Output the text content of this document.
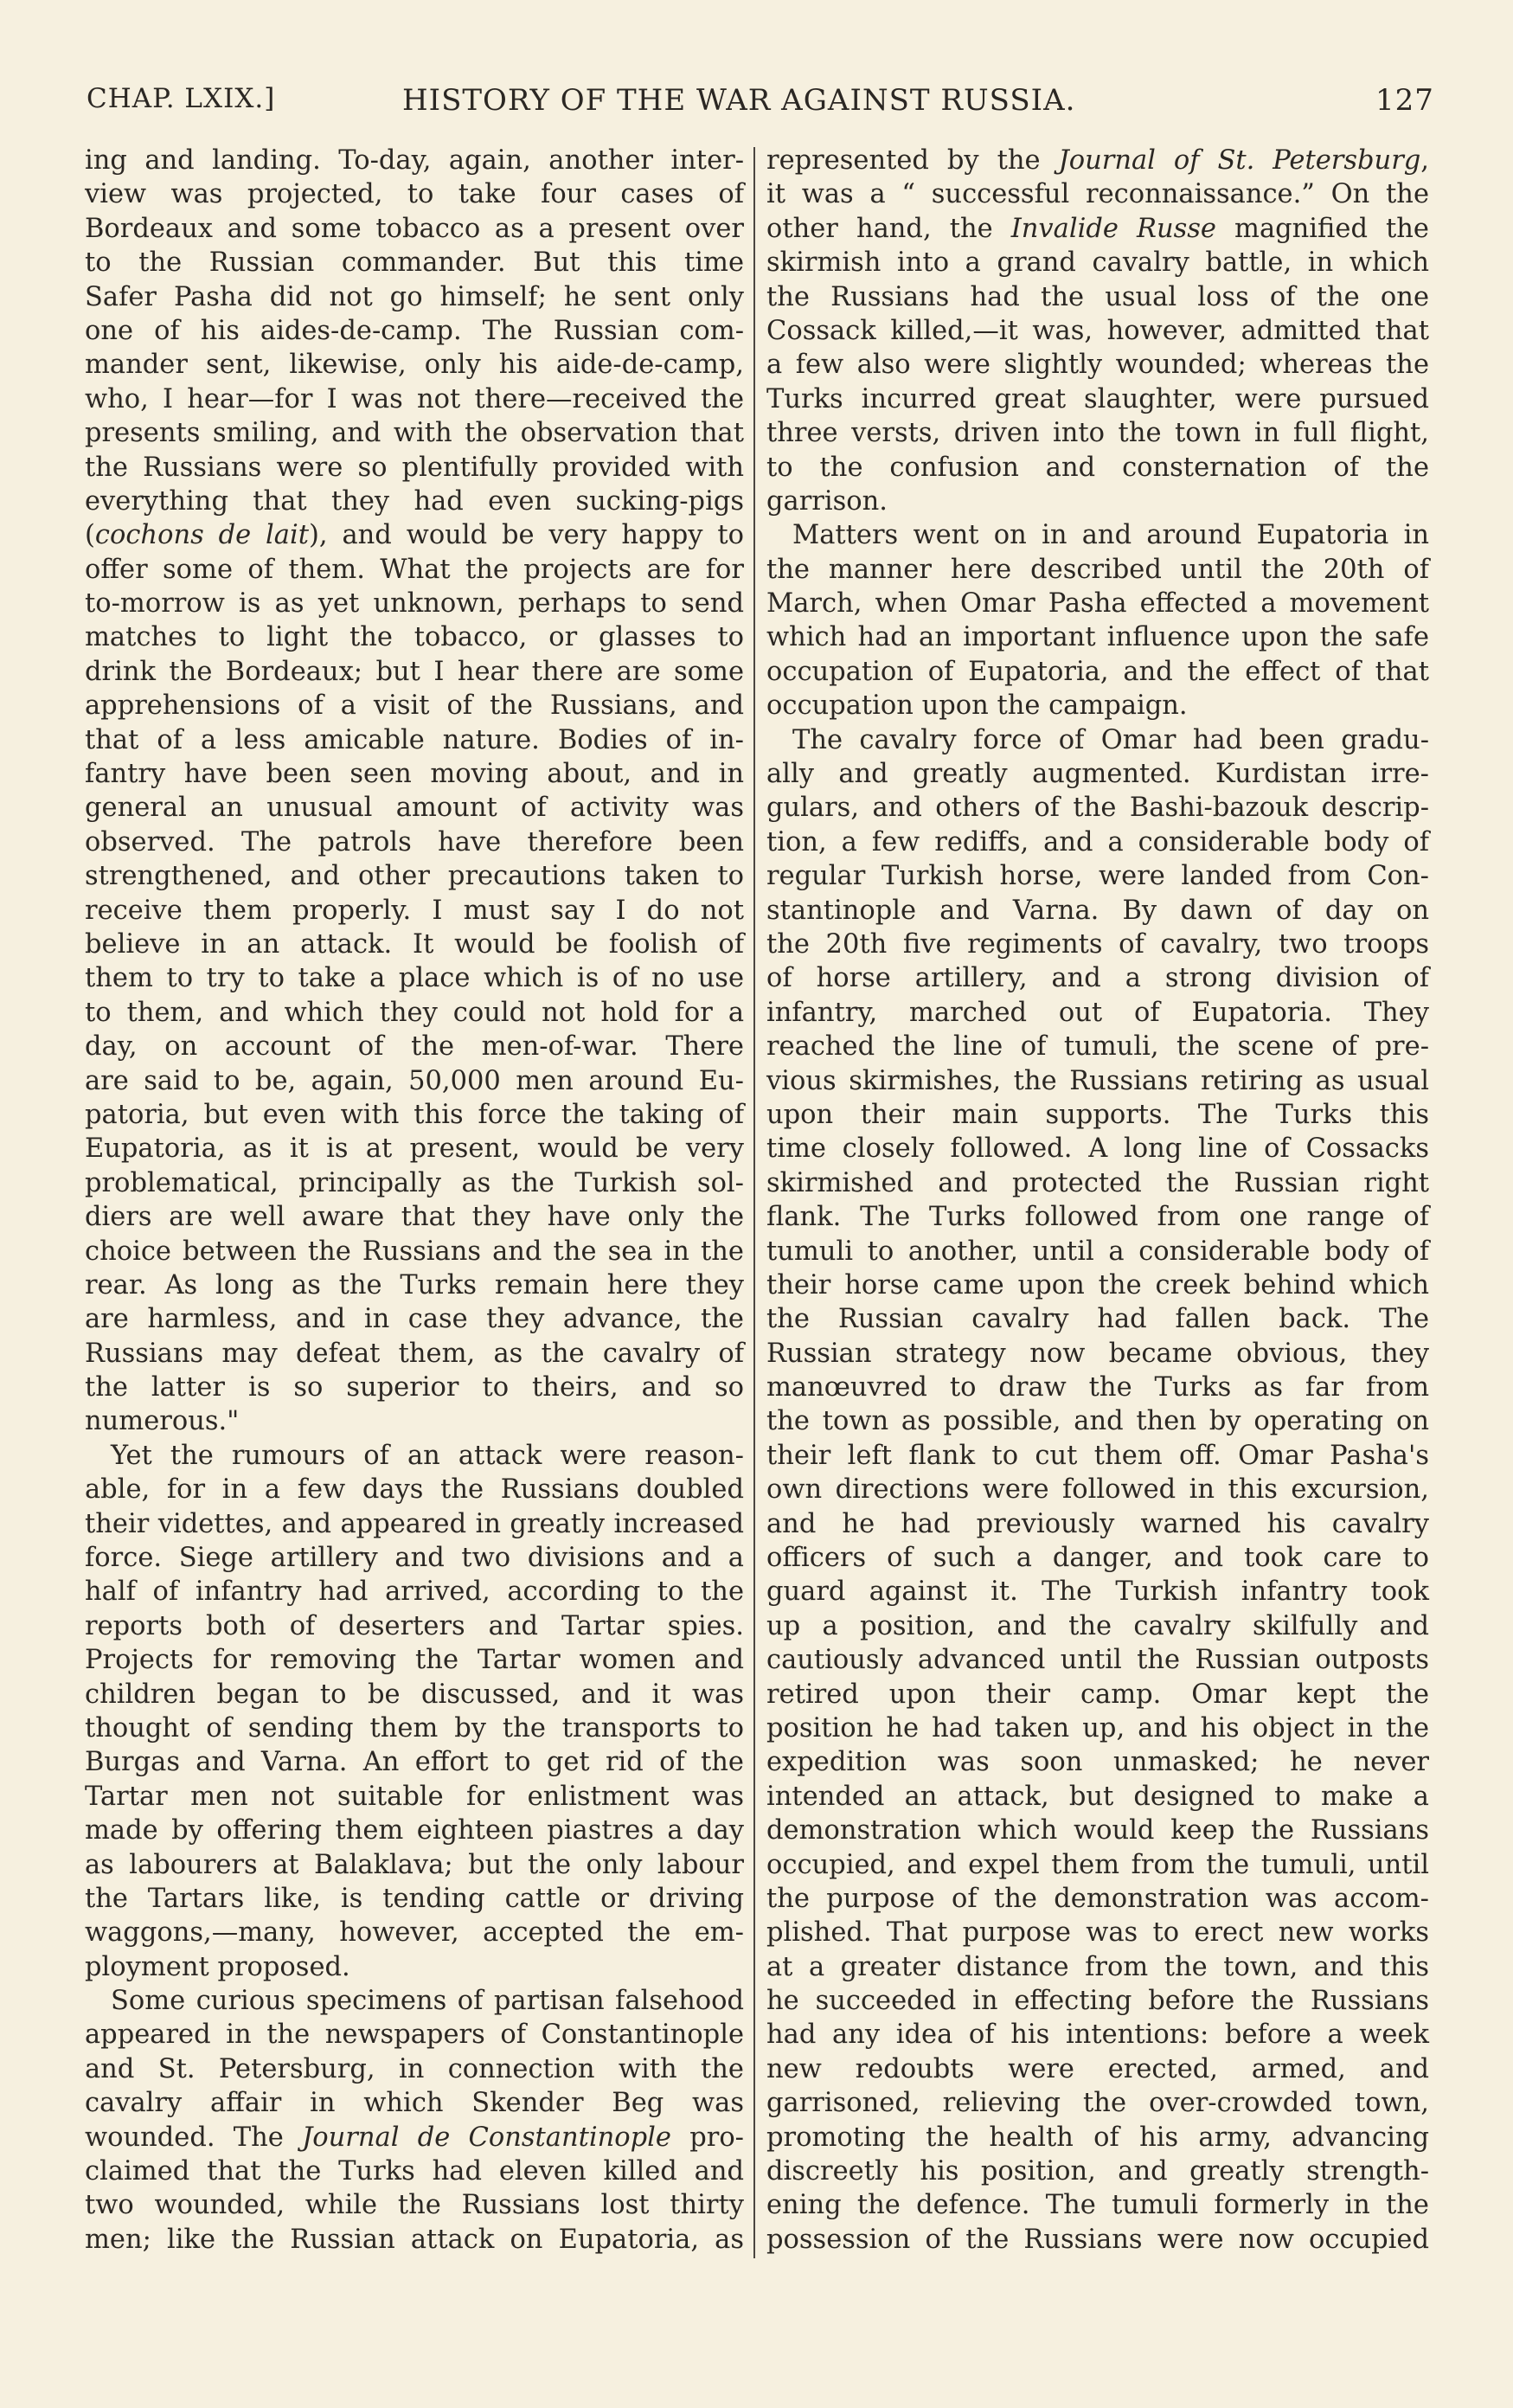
CHAP. LXIX.]	HISTORY OF THE WAR AGAINST RUSSIA.	127
ing and landing. To-day, again, another inter-
view was projected, to take four cases of
Bordeaux and some tobacco as a present over
to the Russian commander. But this time
Safer Pasha did not go himself; he sent only
one of his aides-de-camp. The Russian com-
mander sent, likewise, only his aide-de-camp,
who, I hear—for I was not there—received the
presents smiling, and with the observation that
the Russians were so plentifully provided with
everything that they had even sucking-pigs
(cochons de lait), and would be very happy to
offer some of them. What the projects are for
to-morrow is as yet unknown, perhaps to send
matches to light the tobacco, or glasses to
drink the Bordeaux; but I hear there are some
apprehensions of a visit of the Russians, and
that of a less amicable nature. Bodies of in-
fantry have been seen moving about, and in
general an unusual amount of activity was
observed. The patrols have therefore been
strengthened, and other precautions taken to
receive them properly. I must say I do not
believe in an attack. It would be foolish of
them to try to take a place which is of no use
to them, and which they could not hold for a
day, on account of the men-of-war. There
are said to be, again, 50,000 men around Eu-
patoria, but even with this force the taking of
Eupatoria, as it is at present, would be very
problematical, principally as the Turkish sol-
diers are well aware that they have only the
choice between the Russians and the sea in the
rear. As long as the Turks remain here they
are harmless, and in case they advance, the
Russians may defeat them, as the cavalry of
the latter is so superior to theirs, and so
numerous."
Yet the rumours of an attack were reason-
able, for in a few days the Russians doubled
their videttes, and appeared in greatly increased
force. Siege artillery and two divisions and a
half of infantry had arrived, according to the
reports both of deserters and Tartar spies.
Projects for removing the Tartar women and
children began to be discussed, and it was
thought of sending them by the transports to
Burgas and Varna. An effort to get rid of the
Tartar men not suitable for enlistment was
made by offering them eighteen piastres a day
as labourers at Balaklava; but the only labour
the Tartars like, is tending cattle or driving
waggons,—many, however, accepted the em-
ployment proposed.
Some curious specimens of partisan falsehood
appeared in the newspapers of Constantinople
and St. Petersburg, in connection with the
cavalry affair in which Skender Beg was
wounded. The Journal de Constantinople pro-
claimed that the Turks had eleven killed and
two wounded, while the Russians lost thirty
men; like the Russian attack on Eupatoria, as
represented by the Journal of St. Petersburg,
it was a “ successful reconnaissance.” On the
other hand, the Invalide Russe magnified the
skirmish into a grand cavalry battle, in which
the Russians had the usual loss of the one
Cossack killed,—it was, however, admitted that
a few also were slightly wounded; whereas the
Turks incurred great slaughter, were pursued
three versts, driven into the town in full flight,
to the confusion and consternation of the
garrison.
Matters went on in and around Eupatoria in
the manner here described until the 20th of
March, when Omar Pasha effected a movement
which had an important influence upon the safe
occupation of Eupatoria, and the effect of that
occupation upon the campaign.
The cavalry force of Omar had been gradu-
ally and greatly augmented. Kurdistan irre-
gulars, and others of the Bashi-bazouk descrip-
tion, a few rediffs, and a considerable body of
regular Turkish horse, were landed from Con-
stantinople and Varna. By dawn of day on
the 20th five regiments of cavalry, two troops
of horse artillery, and a strong division of
infantry, marched out of Eupatoria. They
reached the line of tumuli, the scene of pre-
vious skirmishes, the Russians retiring as usual
upon their main supports. The Turks this
time closely followed. A long line of Cossacks
skirmished and protected the Russian right
flank. The Turks followed from one range of
tumuli to another, until a considerable body of
their horse came upon the creek behind which
the Russian cavalry had fallen back. The
Russian strategy now became obvious, they
manœuvred to draw the Turks as far from
the town as possible, and then by operating on
their left flank to cut them off. Omar Pasha's
own directions were followed in this excursion,
and he had previously warned his cavalry
officers of such a danger, and took care to
guard against it. The Turkish infantry took
up a position, and the cavalry skilfully and
cautiously advanced until the Russian outposts
retired upon their camp. Omar kept the
position he had taken up, and his object in the
expedition was soon unmasked; he never
intended an attack, but designed to make a
demonstration which would keep the Russians
occupied, and expel them from the tumuli, until
the purpose of the demonstration was accom-
plished. That purpose was to erect new works
at a greater distance from the town, and this
he succeeded in effecting before the Russians
had any idea of his intentions: before a week
new redoubts were erected, armed, and
garrisoned, relieving the over-crowded town,
promoting the health of his army, advancing
discreetly his position, and greatly strength-
ening the defence. The tumuli formerly in the
possession of the Russians were now occupied
